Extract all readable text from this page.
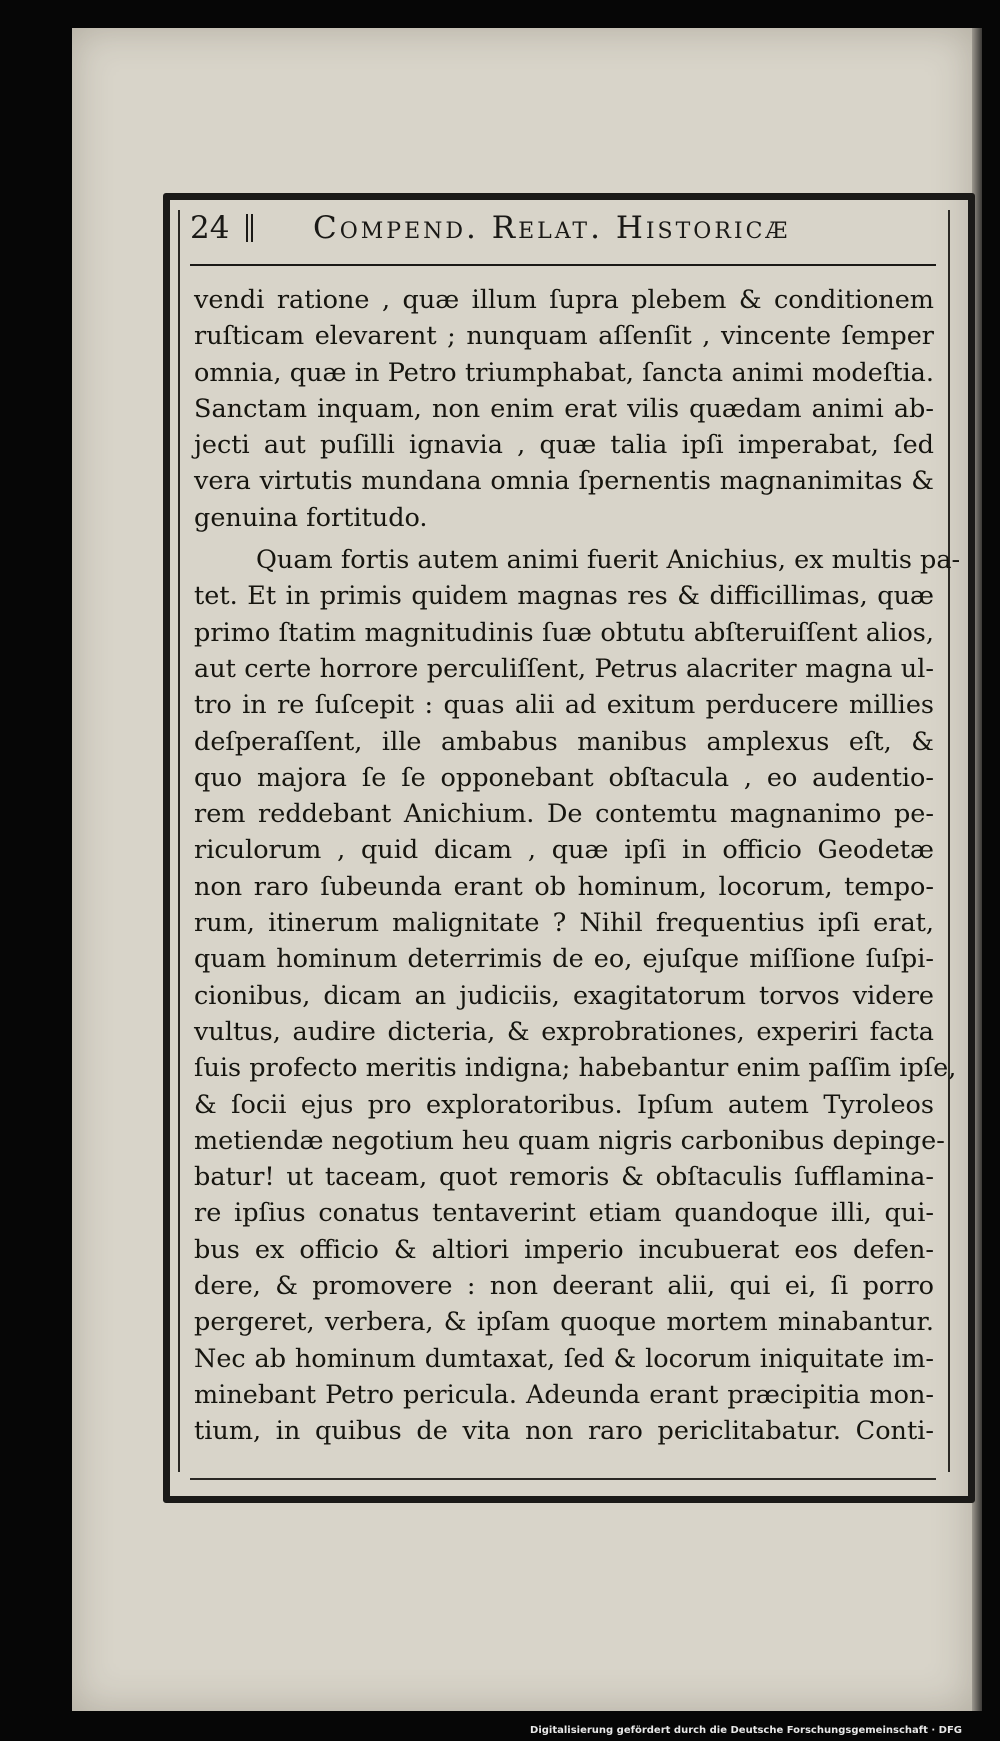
24	Compend. Relat. Historicæ
vendi ratione , quæ illum ſupra plebem & conditionem
ruſticam elevarent ; nunquam aſſenſit , vincente ſemper
omnia, quæ in Petro triumphabat, ſancta animi modeſtia.
Sanctam inquam, non enim erat vilis quædam animi ab-
jecti aut puſilli ignavia , quæ talia ipſi imperabat, ſed
vera virtutis mundana omnia ſpernentis magnanimitas &
genuina fortitudo.
Quam fortis autem animi fuerit Anichius, ex multis pa-
tet. Et in primis quidem magnas res & difficillimas, quæ
primo ſtatim magnitudinis ſuæ obtutu abſteruiſſent alios,
aut certe horrore perculiſſent, Petrus alacriter magna ul-
tro in re ſuſcepit : quas alii ad exitum perducere millies
deſperaſſent, ille ambabus manibus amplexus eſt, &
quo majora ſe ſe opponebant obſtacula , eo audentio-
rem reddebant Anichium. De contemtu magnanimo pe-
riculorum , quid dicam , quæ ipſi in officio Geodetæ
non raro ſubeunda erant ob hominum, locorum, tempo-
rum, itinerum malignitate ? Nihil frequentius ipſi erat,
quam hominum deterrimis de eo, ejuſque miſſione ſuſpi-
cionibus, dicam an judiciis, exagitatorum torvos videre
vultus, audire dicteria, & exprobrationes, experiri facta
ſuis profecto meritis indigna; habebantur enim paſſim ipſe,
& ſocii ejus pro exploratoribus. Ipſum autem Tyroleos
metiendæ negotium heu quam nigris carbonibus depinge-
batur! ut taceam, quot remoris & obſtaculis ſufflamina-
re ipſius conatus tentaverint etiam quandoque illi, qui-
bus ex officio & altiori imperio incubuerat eos defen-
dere, & promovere : non deerant alii, qui ei, ſi porro
pergeret, verbera, & ipſam quoque mortem minabantur.
Nec ab hominum dumtaxat, ſed & locorum iniquitate im-
minebant Petro pericula. Adeunda erant præcipitia mon-
tium, in quibus de vita non raro periclitabatur. Conti-
Digitalisierung gefördert durch die Deutsche Forschungsgemeinschaft · DFG
